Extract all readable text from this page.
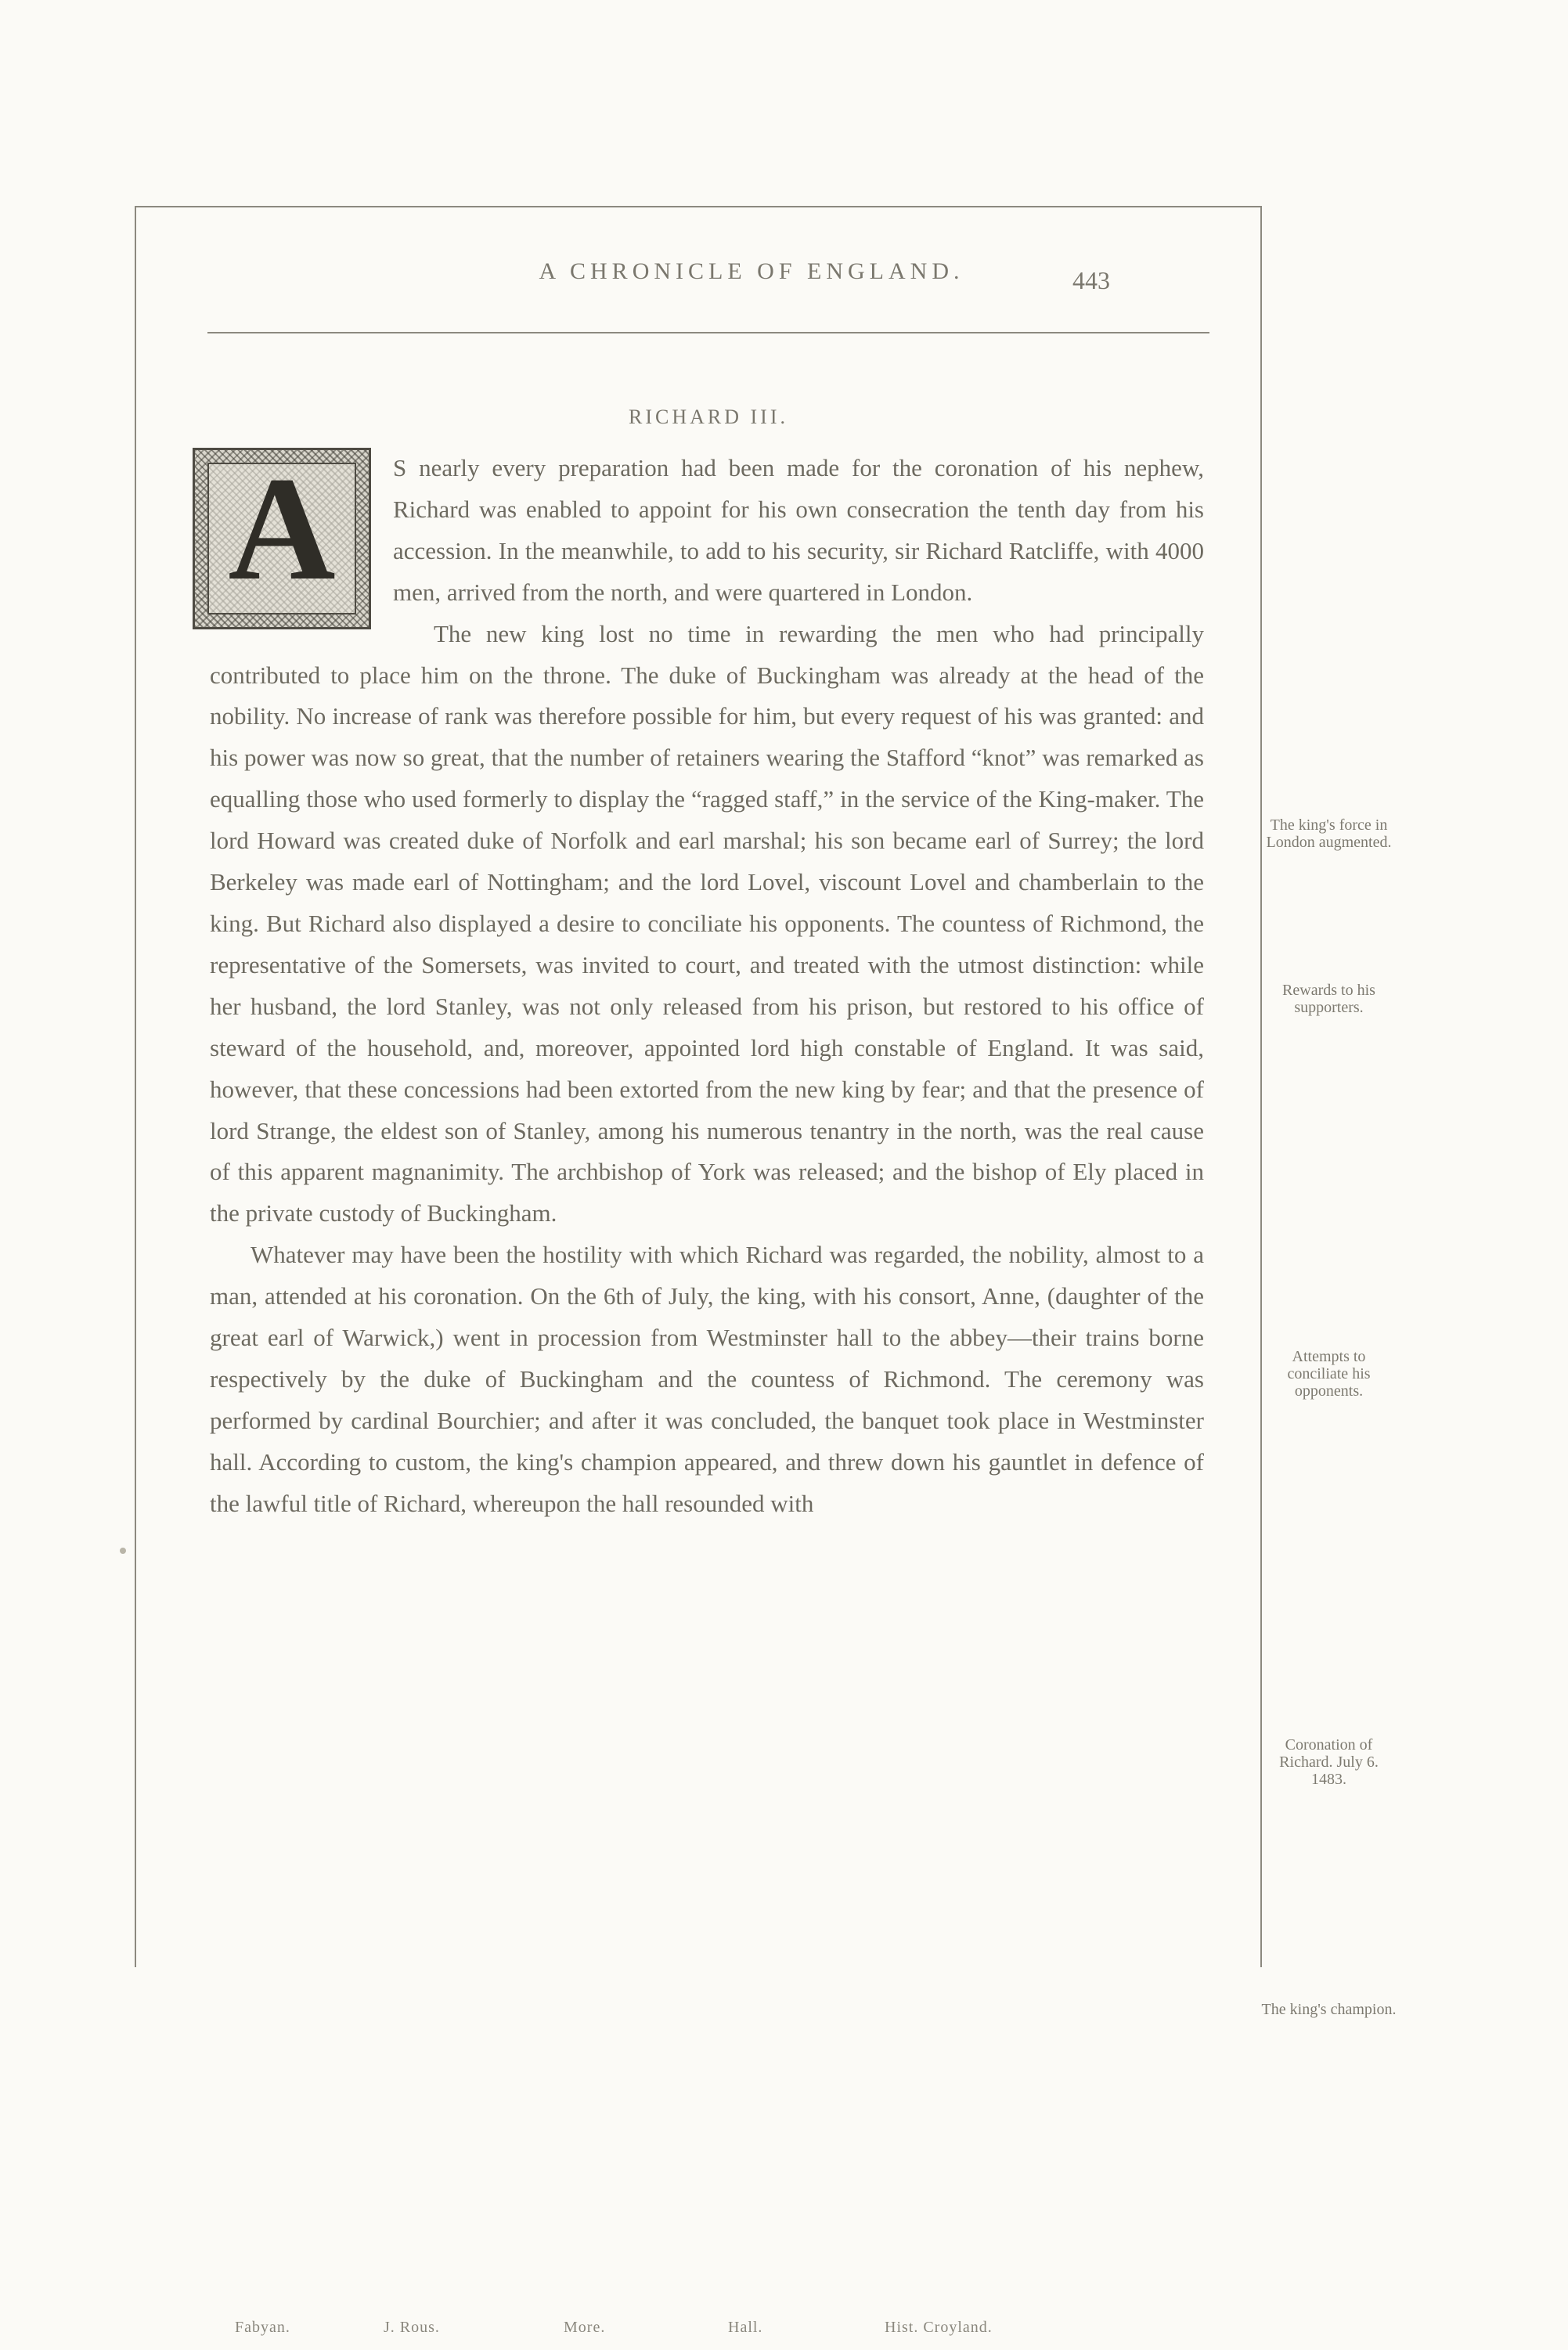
A CHRONICLE OF ENGLAND.	443
RICHARD III.

S nearly every preparation had been made for the coronation of his nephew, Richard was enabled to appoint for his own consecration the tenth day from his accession. In the meanwhile, to add to his security, sir Richard Ratcliffe, with 4000 men, arrived from the north, and were quartered in London.

The new king lost no time in rewarding the men who had principally contributed to place him on the throne. The duke of Buckingham was already at the head of the nobility. No increase of rank was therefore possible for him, but every request of his was granted: and his power was now so great, that the number of retainers wearing the Stafford “knot” was remarked as equalling those who used formerly to display the “ragged staff,” in the service of the King-maker. The lord Howard was created duke of Norfolk and earl marshal; his son became earl of Surrey; the lord Berkeley was made earl of Nottingham; and the lord Lovel, viscount Lovel and chamberlain to the king. But Richard also displayed a desire to conciliate his opponents. The countess of Richmond, the representative of the Somersets, was invited to court, and treated with the utmost distinction: while her husband, the lord Stanley, was not only released from his prison, but restored to his office of steward of the household, and, moreover, appointed lord high constable of England. It was said, however, that these concessions had been extorted from the new king by fear; and that the presence of lord Strange, the eldest son of Stanley, among his numerous tenantry in the north, was the real cause of this apparent magnanimity. The archbishop of York was released; and the bishop of Ely placed in the private custody of Buckingham.

Whatever may have been the hostility with which Richard was regarded, the nobility, almost to a man, attended at his coronation. On the 6th of July, the king, with his consort, Anne, (daughter of the great earl of Warwick,) went in procession from Westminster hall to the abbey—their trains borne respectively by the duke of Buckingham and the countess of Richmond. The ceremony was performed by cardinal Bourchier; and after it was concluded, the banquet took place in Westminster hall. According to custom, the king's champion appeared, and threw down his gauntlet in defence of the lawful title of Richard, whereupon the hall resounded with

A
The king's force in London augmented.
Rewards to his supporters.
Attempts to conciliate his opponents.
Coronation of Richard. July 6. 1483.
The king's champion.
Fabyan.	J. Rous.	More.	Hall.	Hist. Croyland.
